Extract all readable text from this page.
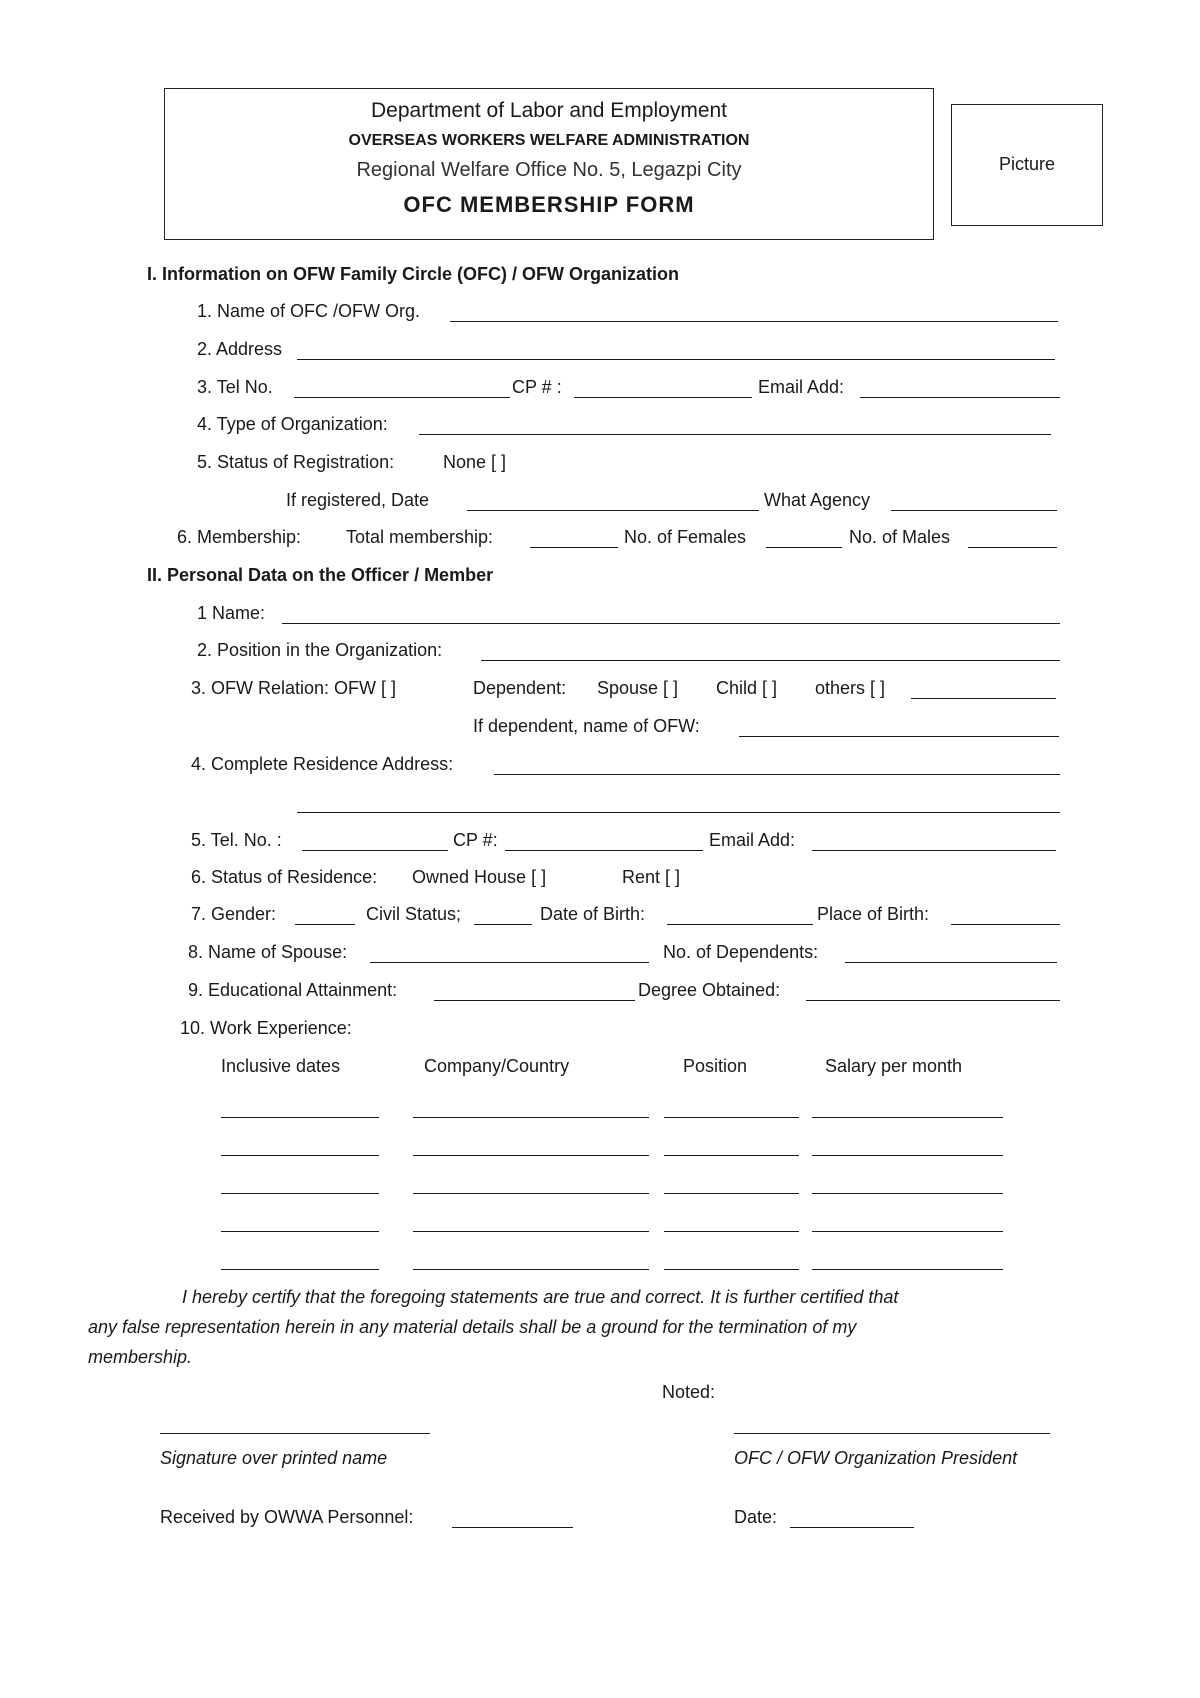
Department of Labor and Employment
OVERSEAS WORKERS WELFARE ADMINISTRATION
Regional Welfare Office No. 5, Legazpi City
OFC MEMBERSHIP FORM
Picture
I. Information on OFW Family Circle (OFC) / OFW Organization
1. Name of OFC /OFW Org.
2. Address
3. Tel No.	CP # :	Email Add:
4. Type of Organization:
5. Status of Registration:	None [ ]
If registered, Date	What Agency
6. Membership: Total membership:	No. of Females	No. of Males
II. Personal Data on the Officer / Member
1 Name:
2. Position in the Organization:
3. OFW Relation: OFW [ ]	Dependent: Spouse [ ] Child [ ] others [ ]
If dependent, name of OFW:
4. Complete Residence Address:
5. Tel. No. :	CP #:	Email Add:
6. Status of Residence: Owned House [ ]	Rent [ ]
7. Gender:	Civil Status;	Date of Birth:	Place of Birth:
8. Name of Spouse:	No. of Dependents:
9. Educational Attainment:	Degree Obtained:
10. Work Experience:
Inclusive dates	Company/Country	Position	Salary per month
I hereby certify that the foregoing statements are true and correct. It is further certified that
any false representation herein in any material details shall be a ground for the termination of my
membership.
Noted:
Signature over printed name	OFC / OFW Organization President
Received by OWWA Personnel:	Date:
